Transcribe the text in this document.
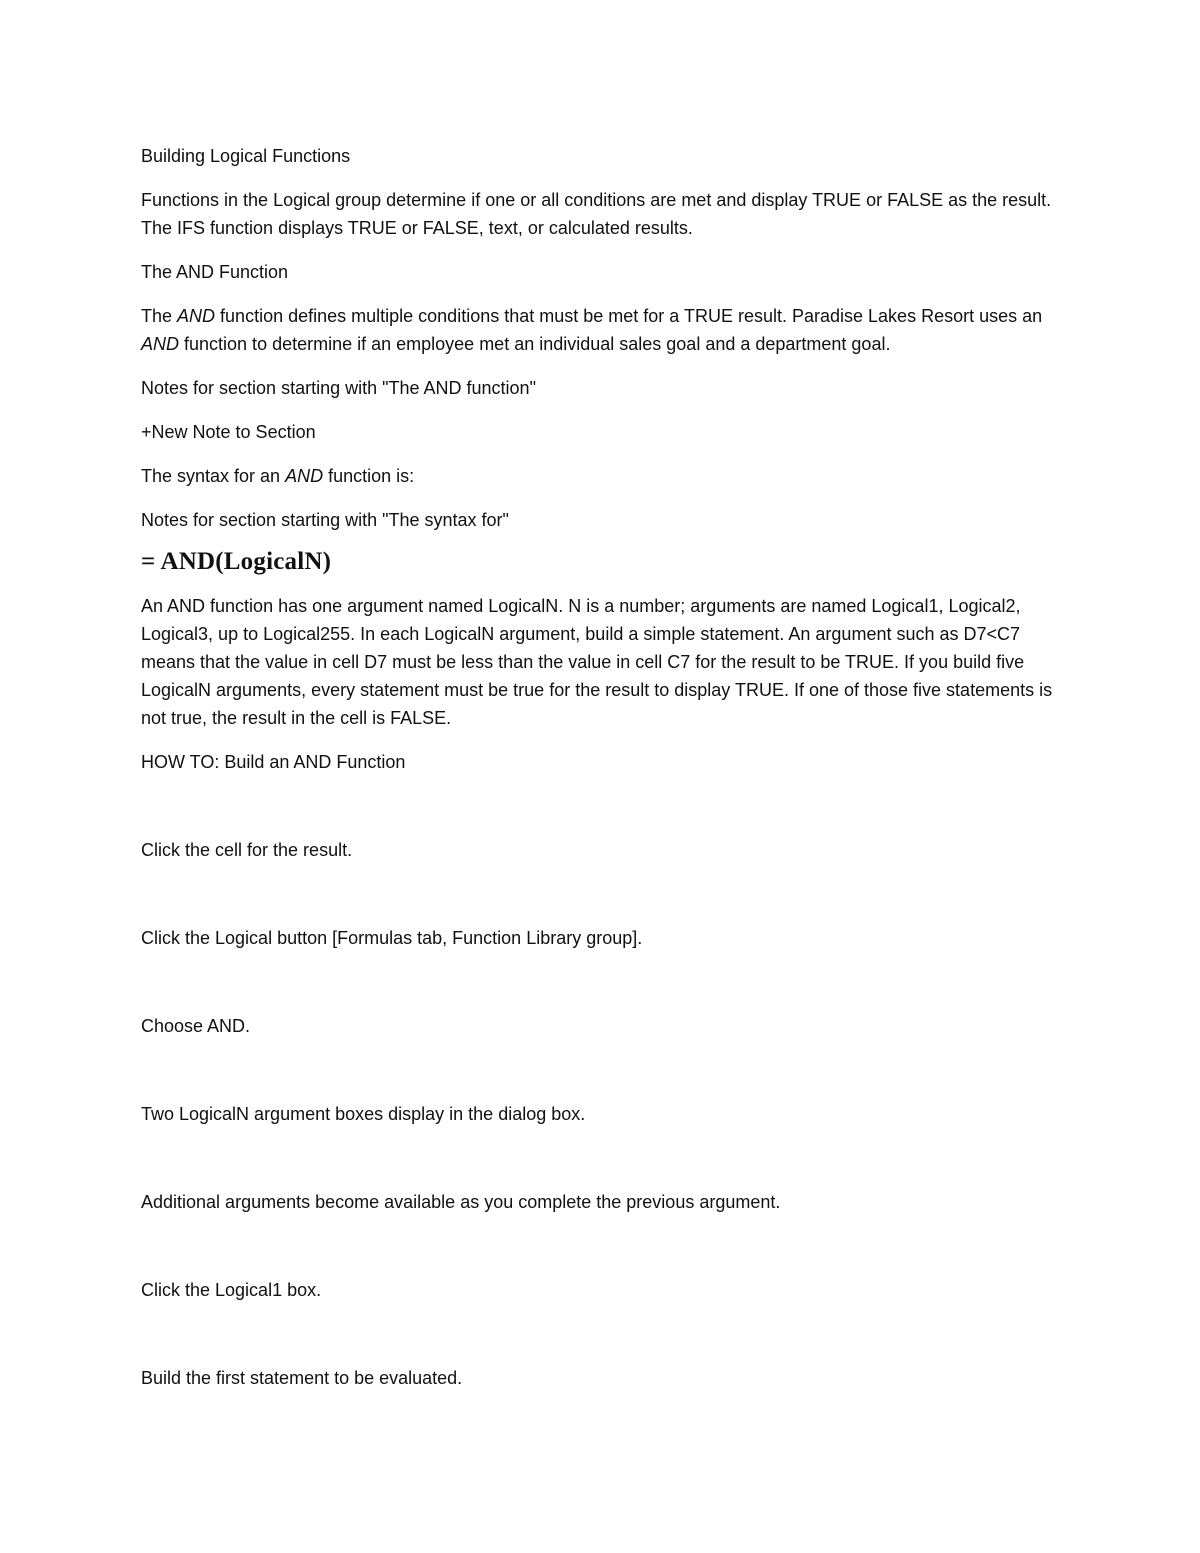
Building Logical Functions

Functions in the Logical group determine if one or all conditions are met and display TRUE or FALSE as the result. The IFS function displays TRUE or FALSE, text, or calculated results.

The AND Function

The AND function defines multiple conditions that must be met for a TRUE result. Paradise Lakes Resort uses an AND function to determine if an employee met an individual sales goal and a department goal.

Notes for section starting with "The AND function"

+New Note to Section

The syntax for an AND function is:

Notes for section starting with "The syntax for"

= AND(LogicalN)

An AND function has one argument named LogicalN. N is a number; arguments are named Logical1, Logical2, Logical3, up to Logical255. In each LogicalN argument, build a simple statement. An argument such as D7<C7 means that the value in cell D7 must be less than the value in cell C7 for the result to be TRUE. If you build five LogicalN arguments, every statement must be true for the result to display TRUE. If one of those five statements is not true, the result in the cell is FALSE.

HOW TO: Build an AND Function

Click the cell for the result.

Click the Logical button [Formulas tab, Function Library group].

Choose AND.

Two LogicalN argument boxes display in the dialog box.

Additional arguments become available as you complete the previous argument.

Click the Logical1 box.

Build the first statement to be evaluated.
